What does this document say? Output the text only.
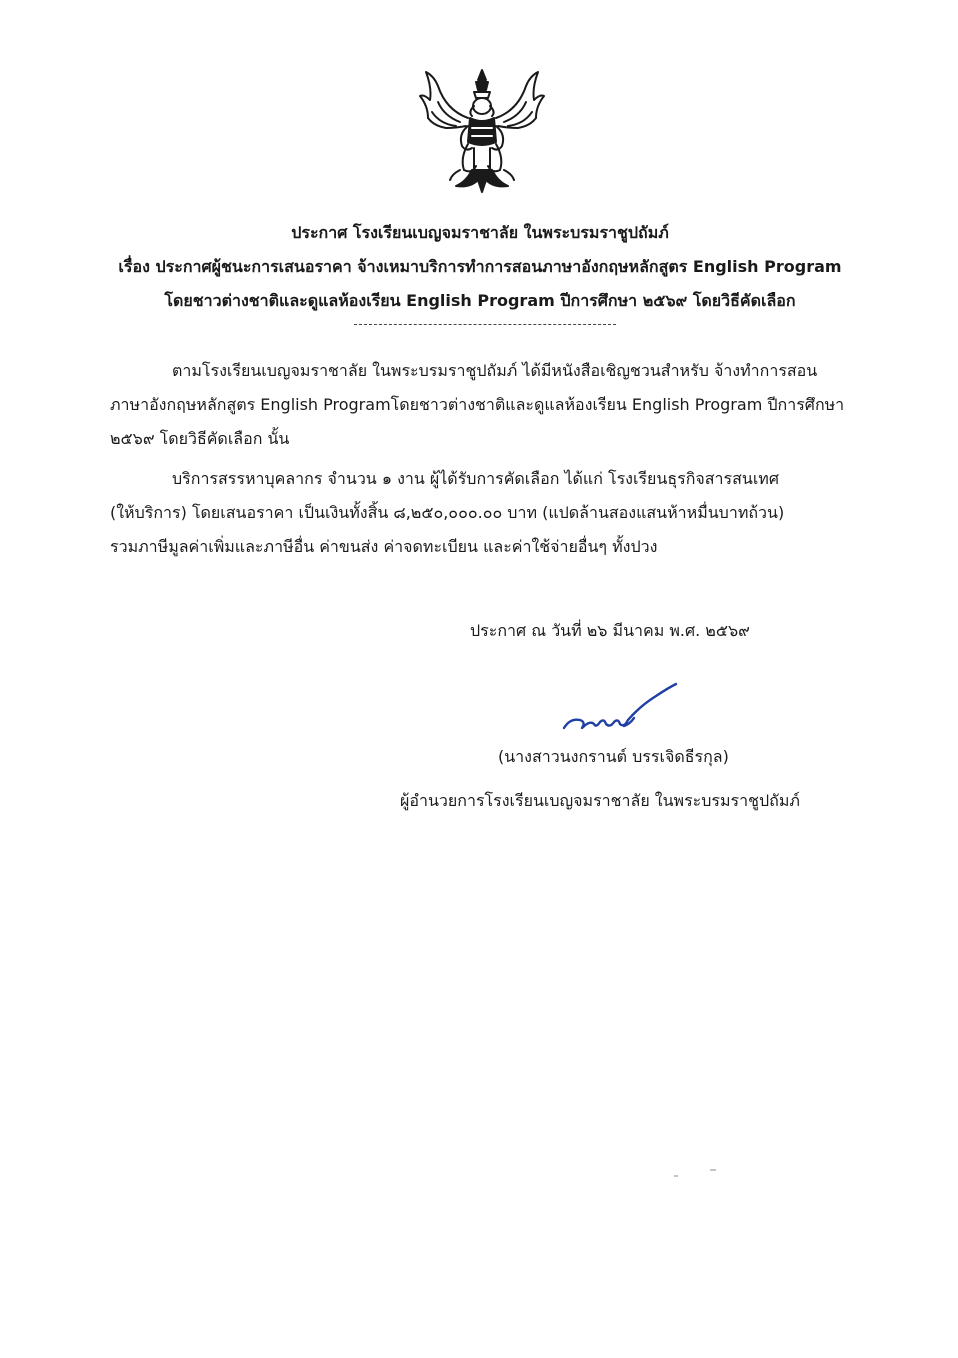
ประกาศ โรงเรียนเบญจมราชาลัย ในพระบรมราชูปถัมภ์
เรื่อง ประกาศผู้ชนะการเสนอราคา จ้างเหมาบริการทำการสอนภาษาอังกฤษหลักสูตร English Program
โดยชาวต่างชาติและดูแลห้องเรียน English Program ปีการศึกษา ๒๕๖๙ โดยวิธีคัดเลือก
ตามโรงเรียนเบญจมราชาลัย ในพระบรมราชูปถัมภ์ ได้มีหนังสือเชิญชวนสำหรับ จ้างทำการสอน
ภาษาอังกฤษหลักสูตร English Programโดยชาวต่างชาติและดูแลห้องเรียน English Program ปีการศึกษา
๒๕๖๙ โดยวิธีคัดเลือก นั้น
บริการสรรหาบุคลากร จำนวน ๑ งาน ผู้ได้รับการคัดเลือก ได้แก่ โรงเรียนธุรกิจสารสนเทศ
(ให้บริการ) โดยเสนอราคา เป็นเงินทั้งสิ้น ๘,๒๕๐,๐๐๐.๐๐ บาท (แปดล้านสองแสนห้าหมื่นบาทถ้วน)
รวมภาษีมูลค่าเพิ่มและภาษีอื่น ค่าขนส่ง ค่าจดทะเบียน และค่าใช้จ่ายอื่นๆ ทั้งปวง
ประกาศ ณ วันที่ ๒๖ มีนาคม พ.ศ. ๒๕๖๙
(นางสาวนงกรานต์ บรรเจิดธีรกุล)
ผู้อำนวยการโรงเรียนเบญจมราชาลัย ในพระบรมราชูปถัมภ์
